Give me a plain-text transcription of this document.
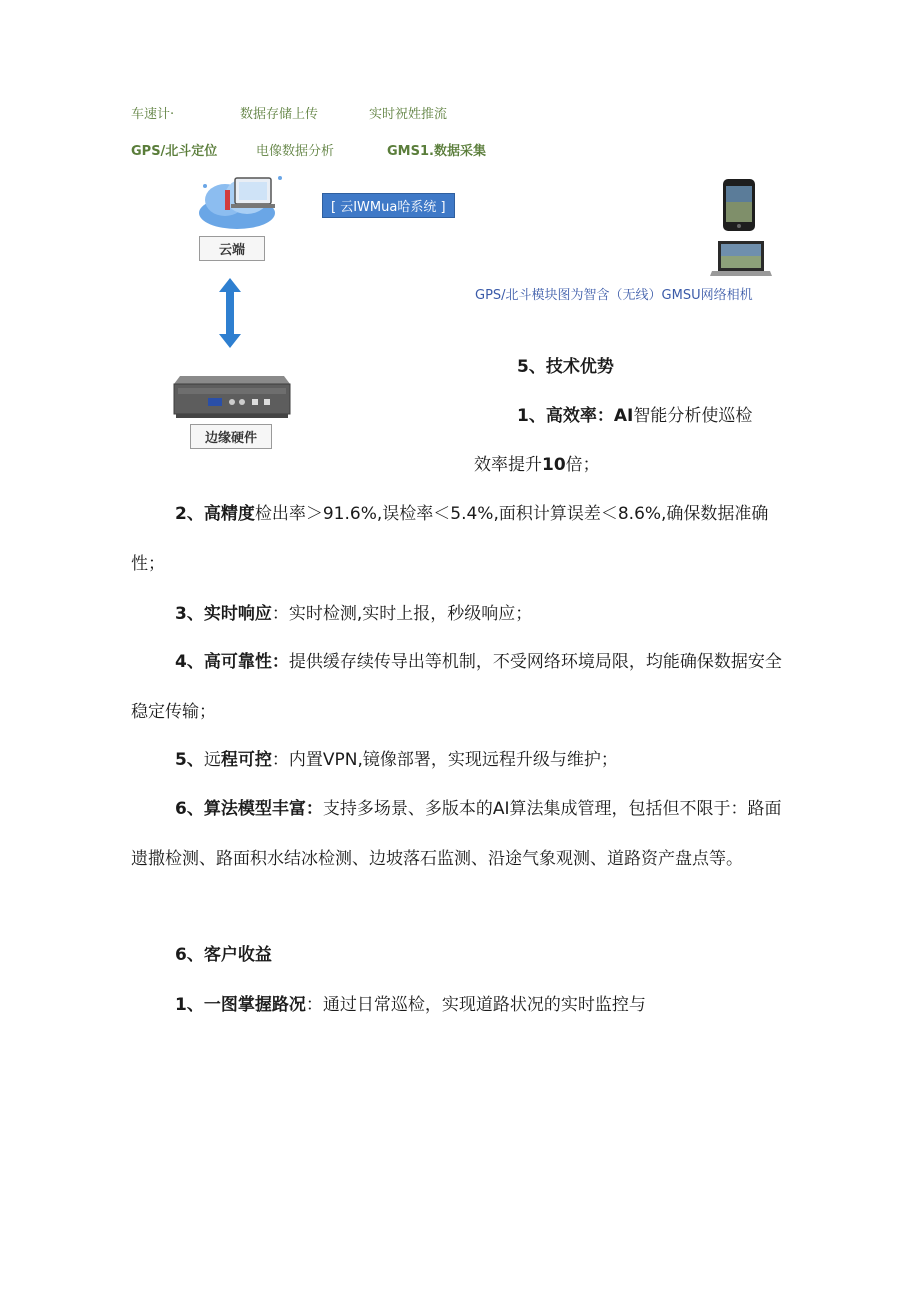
车速计·	数据存储上传	实时祝姓推流
GPS/北斗定位	电像数据分析	GMS1.数据采集
[ 云IWMua哈系统 ]
云端
边缘硬件
GPS/北斗模块图为智含（无线）GMSU网络相机
5、技术优势
1、高效率：AI智能分析使巡检
效率提升10倍；
2、高精度检出率＞91.6%,误检率＜5.4%,面积计算误差＜8.6%,确保数据准确性；
3、实时响应：实时检测,实时上报，秒级响应；
4、高可靠性：提供缓存续传导出等机制，不受网络环境局限，均能确保数据安全稳定传输；
5、远程可控：内置VPN,镜像部署，实现远程升级与维护；
6、算法模型丰富：支持多场景、多版本的AI算法集成管理，包括但不限于：路面遗撒检测、路面积水结冰检测、边坡落石监测、沿途气象观测、道路资产盘点等。
6、客户收益
1、一图掌握路况：通过日常巡检，实现道路状况的实时监控与
